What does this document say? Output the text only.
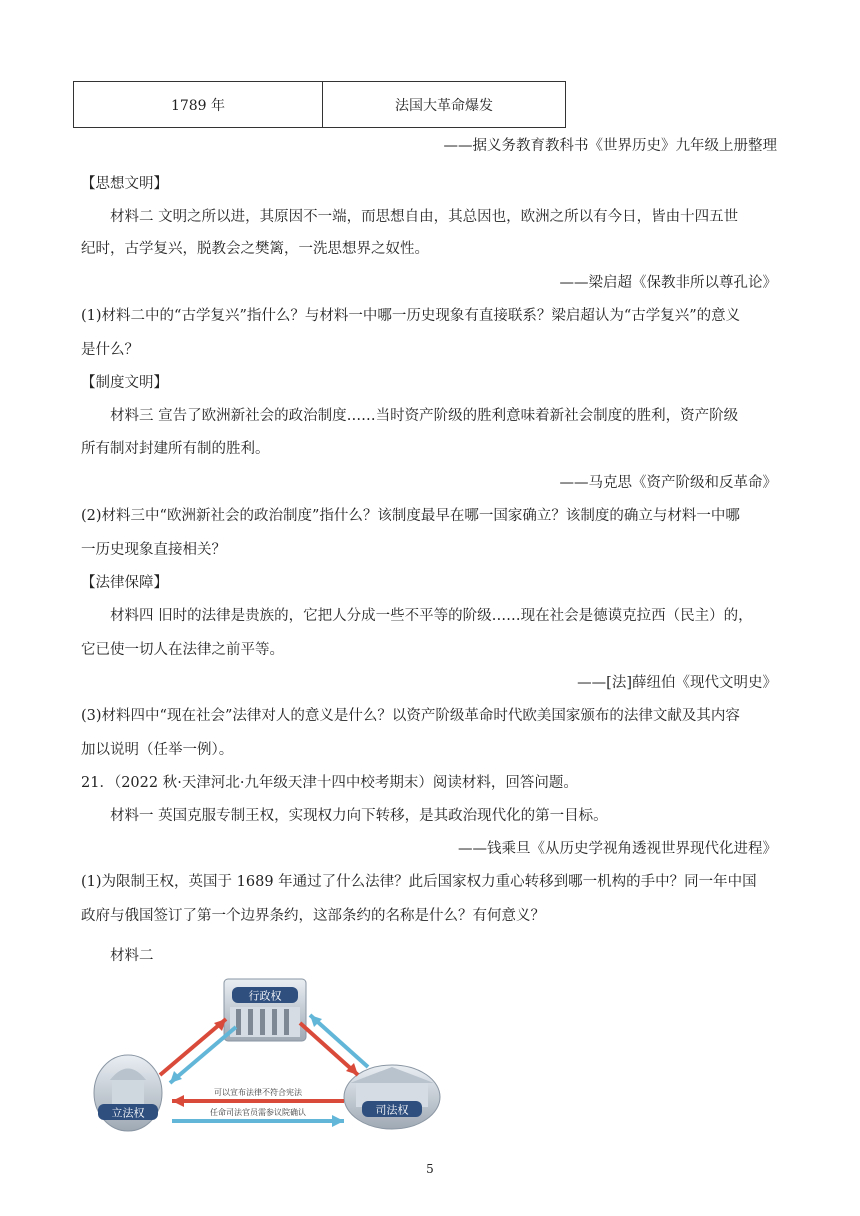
1789 年	法国大革命爆发
——据义务教育教科书《世界历史》九年级上册整理
【思想文明】
材料二 文明之所以进，其原因不一端，而思想自由，其总因也，欧洲之所以有今日，皆由十四五世
纪时，古学复兴，脱教会之樊篱，一洗思想界之奴性。
——梁启超《保教非所以尊孔论》
(1)材料二中的“古学复兴”指什么？与材料一中哪一历史现象有直接联系？梁启超认为“古学复兴”的意义
是什么？
【制度文明】
材料三 宣告了欧洲新社会的政治制度……当时资产阶级的胜利意味着新社会制度的胜利，资产阶级
所有制对封建所有制的胜利。
——马克思《资产阶级和反革命》
(2)材料三中“欧洲新社会的政治制度”指什么？该制度最早在哪一国家确立？该制度的确立与材料一中哪
一历史现象直接相关？
【法律保障】
材料四 旧时的法律是贵族的，它把人分成一些不平等的阶级……现在社会是德谟克拉西（民主）的，
它已使一切人在法律之前平等。
——[法]薛纽伯《现代文明史》
(3)材料四中“现在社会”法律对人的意义是什么？以资产阶级革命时代欧美国家颁布的法律文献及其内容
加以说明（任举一例）。
21．（2022 秋·天津河北·九年级天津十四中校考期末）阅读材料，回答问题。
材料一 英国克服专制王权，实现权力向下转移，是其政治现代化的第一目标。
——钱乘旦《从历史学视角透视世界现代化进程》
(1)为限制王权，英国于 1689 年通过了什么法律？此后国家权力重心转移到哪一机构的手中？同一年中国
政府与俄国签订了第一个边界条约，这部条约的名称是什么？有何意义？
材料二
行政权
立法权	司法权
可以宣布法律不符合宪法
任命司法官员需参议院确认
5
